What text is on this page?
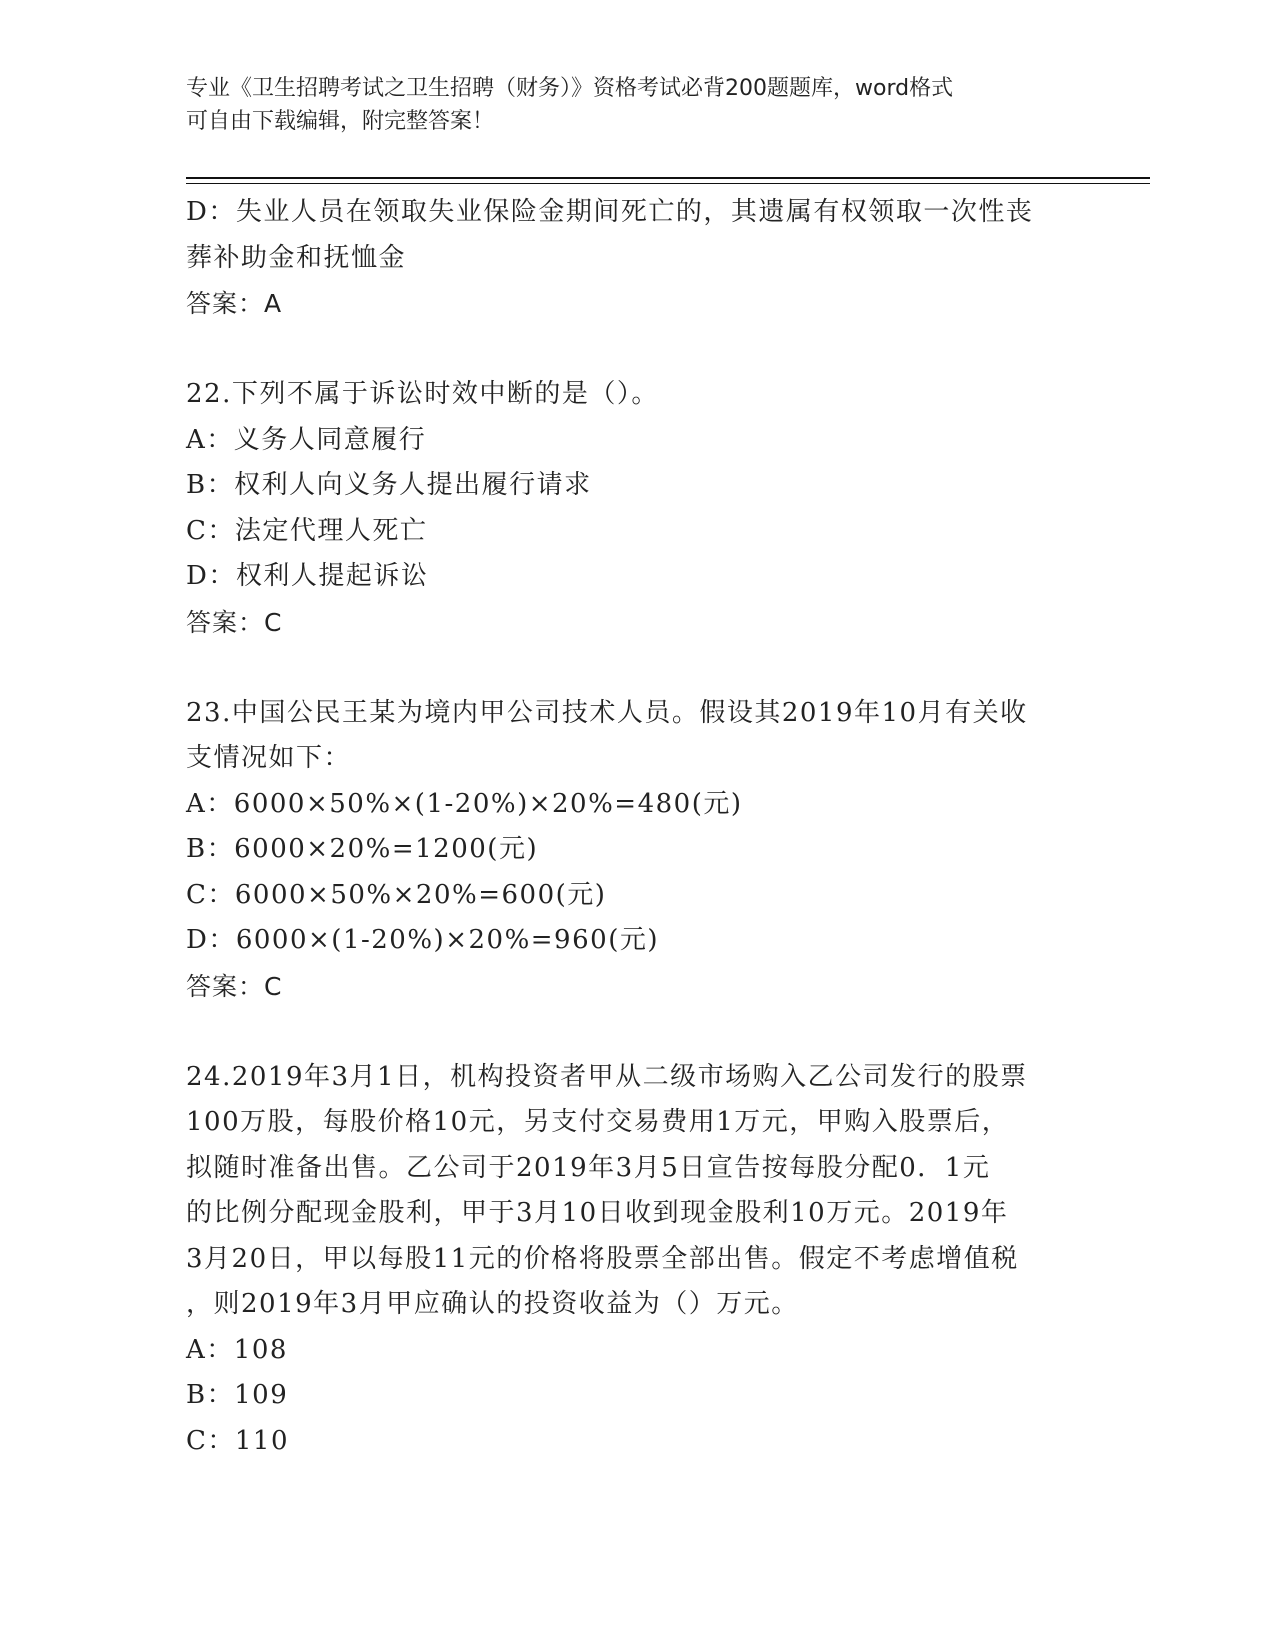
专业《卫生招聘考试之卫生招聘（财务）》资格考试必背200题题库，word格式
可自由下载编辑，附完整答案！
D：失业人员在领取失业保险金期间死亡的，其遗属有权领取一次性丧
葬补助金和抚恤金
答案：A
22.下列不属于诉讼时效中断的是（）。
A：义务人同意履行
B：权利人向义务人提出履行请求
C：法定代理人死亡
D：权利人提起诉讼
答案：C
23.中国公民王某为境内甲公司技术人员。假设其2019年10月有关收
支情况如下：
A：6000×50%×(1-20%)×20%=480(元)
B：6000×20%=1200(元)
C：6000×50%×20%=600(元)
D：6000×(1-20%)×20%=960(元)
答案：C
24.2019年3月1日，机构投资者甲从二级市场购入乙公司发行的股票
100万股，每股价格10元，另支付交易费用1万元，甲购入股票后，
拟随时准备出售。乙公司于2019年3月5日宣告按每股分配0．1元
的比例分配现金股利，甲于3月10日收到现金股利10万元。2019年
3月20日，甲以每股11元的价格将股票全部出售。假定不考虑增值税
，则2019年3月甲应确认的投资收益为（）万元。
A：108
B：109
C：110
